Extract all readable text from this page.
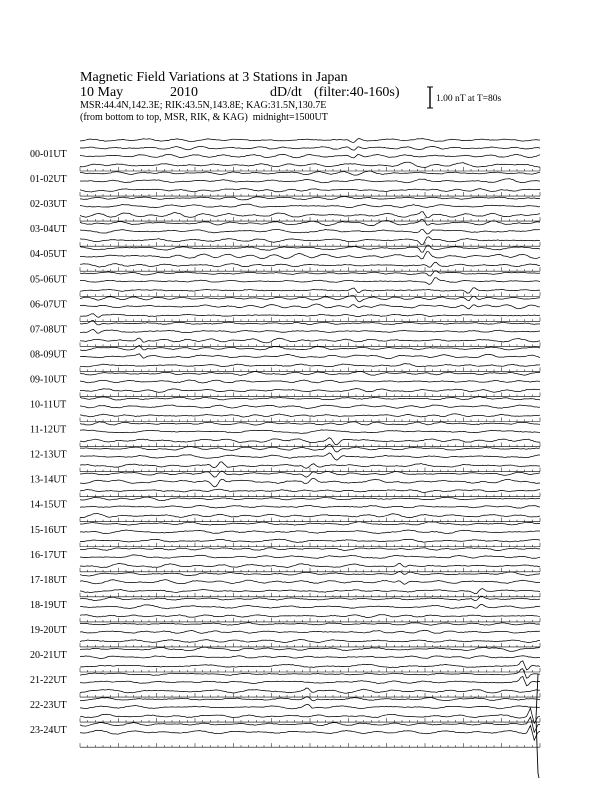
Magnetic Field Variations at 3 Stations in Japan
10 May	2010	dD/dt (filter:40-160s)
MSR:44.4N,142.3E; RIK:43.5N,143.8E; KAG:31.5N,130.7E
(from bottom to top, MSR, RIK, & KAG) midnight=1500UT
1.00 nT at T=80s
00-01UT
01-02UT
02-03UT
03-04UT
04-05UT
05-06UT
06-07UT
07-08UT
08-09UT
09-10UT
10-11UT
11-12UT
12-13UT
13-14UT
14-15UT
15-16UT
16-17UT
17-18UT
18-19UT
19-20UT
20-21UT
21-22UT
22-23UT
23-24UT
